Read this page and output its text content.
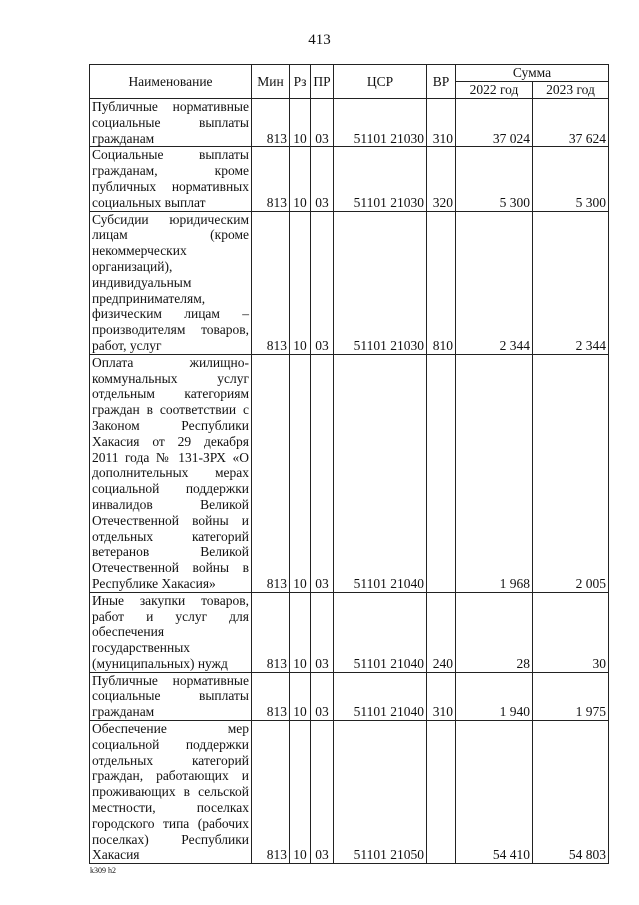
413
Наименование	Мин	Рз	ПР	ЦСР	ВР	Сумма	
						2022 год	2023 год
Публичные нормативные социальные выплаты гражданам	813	10	03	51101 21030	310	37 024	37 624
Социальные выплаты гражданам, кроме публичных нормативных социальных выплат	813	10	03	51101 21030	320	5 300	5 300
Субсидии юридическим лицам (кроме некоммерческих организаций), индивидуальным предпринимателям, физическим лицам – производителям товаров, работ, услуг	813	10	03	51101 21030	810	2 344	2 344
Оплата жилищно-коммунальных услуг отдельным категориям граждан в соответствии с Законом Республики Хакасия от 29 декабря 2011 года № 131-ЗРХ «О дополнительных мерах социальной поддержки инвалидов Великой Отечественной войны и отдельных категорий ветеранов Великой Отечественной войны в Республике Хакасия»	813	10	03	51101 21040		1 968	2 005
Иные закупки товаров, работ и услуг для обеспечения государственных (муниципальных) нужд	813	10	03	51101 21040	240	28	30
Публичные нормативные социальные выплаты гражданам	813	10	03	51101 21040	310	1 940	1 975
Обеспечение мер социальной поддержки отдельных категорий граждан, работающих и проживающих в сельской местности, поселках городского типа (рабочих поселках) Республики Хакасия	813	10	03	51101 21050		54 410	54 803
k309 h2
